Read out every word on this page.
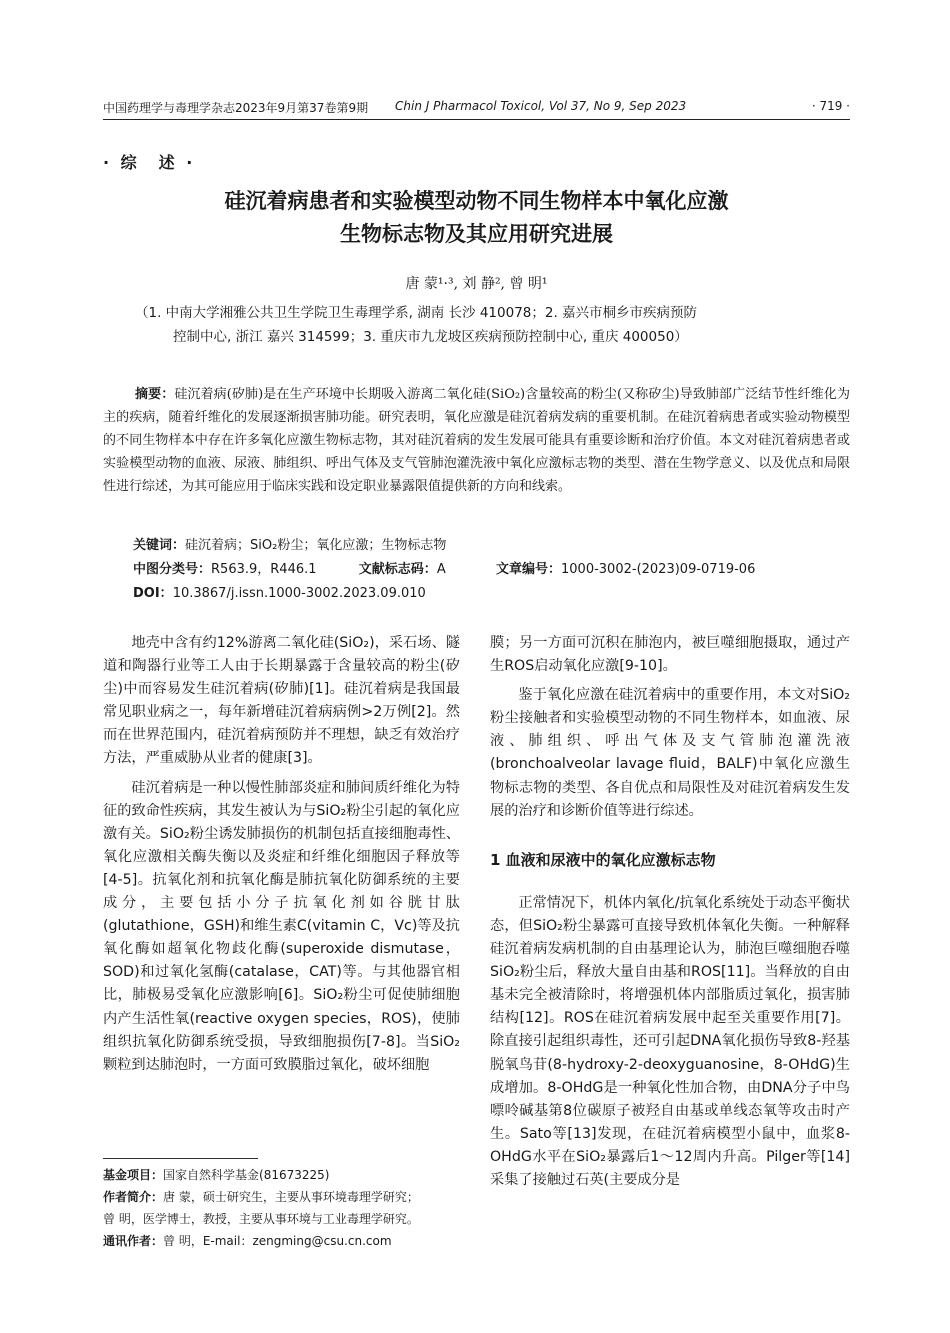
中国药理学与毒理学杂志2023年9月第37卷第9期 Chin J Pharmacol Toxicol, Vol 37, No 9, Sep 2023	· 719 ·
· 综　述 ·
硅沉着病患者和实验模型动物不同生物样本中氧化应激
生物标志物及其应用研究进展
唐 蒙¹·³, 刘 静², 曾 明¹
（1. 中南大学湘雅公共卫生学院卫生毒理学系, 湖南 长沙 410078；2. 嘉兴市桐乡市疾病预防
控制中心, 浙江 嘉兴 314599；3. 重庆市九龙坡区疾病预防控制中心, 重庆 400050）
摘要：硅沉着病(矽肺)是在生产环境中长期吸入游离二氧化硅(SiO₂)含量较高的粉尘(又称矽尘)导致肺部广泛结节性纤维化为主的疾病，随着纤维化的发展逐渐损害肺功能。研究表明，氧化应激是硅沉着病发病的重要机制。在硅沉着病患者或实验动物模型的不同生物样本中存在许多氧化应激生物标志物，其对硅沉着病的发生发展可能具有重要诊断和治疗价值。本文对硅沉着病患者或实验模型动物的血液、尿液、肺组织、呼出气体及支气管肺泡灌洗液中氧化应激标志物的类型、潜在生物学意义、以及优点和局限性进行综述，为其可能应用于临床实践和设定职业暴露限值提供新的方向和线索。
关键词：硅沉着病；SiO₂粉尘；氧化应激；生物标志物
中图分类号：R563.9，R446.1	文献标志码：A	文章编号：1000-3002-(2023)09-0719-06
DOI：10.3867/j.issn.1000-3002.2023.09.010

地壳中含有约12%游离二氧化硅(SiO₂)，采石场、隧道和陶器行业等工人由于长期暴露于含量较高的粉尘(矽尘)中而容易发生硅沉着病(矽肺)[1]。硅沉着病是我国最常见职业病之一，每年新增硅沉着病病例>2万例[2]。然而在世界范围内，硅沉着病预防并不理想，缺乏有效治疗方法，严重威胁从业者的健康[3]。

硅沉着病是一种以慢性肺部炎症和肺间质纤维化为特征的致命性疾病，其发生被认为与SiO₂粉尘引起的氧化应激有关。SiO₂粉尘诱发肺损伤的机制包括直接细胞毒性、氧化应激相关酶失衡以及炎症和纤维化细胞因子释放等[4-5]。抗氧化剂和抗氧化酶是肺抗氧化防御系统的主要成分，主要包括小分子抗氧化剂如谷胱甘肽(glutathione，GSH)和维生素C(vitamin C，Vc)等及抗氧化酶如超氧化物歧化酶(superoxide dismutase，SOD)和过氧化氢酶(catalase，CAT)等。与其他器官相比，肺极易受氧化应激影响[6]。SiO₂粉尘可促使肺细胞内产生活性氧(reactive oxygen species，ROS)，使肺组织抗氧化防御系统受损，导致细胞损伤[7-8]。当SiO₂颗粒到达肺泡时，一方面可致膜脂过氧化，破坏细胞

膜；另一方面可沉积在肺泡内，被巨噬细胞摄取，通过产生ROS启动氧化应激[9-10]。

鉴于氧化应激在硅沉着病中的重要作用，本文对SiO₂粉尘接触者和实验模型动物的不同生物样本，如血液、尿液、肺组织、呼出气体及支气管肺泡灌洗液(bronchoalveolar lavage fluid，BALF)中氧化应激生物标志物的类型、各自优点和局限性及对硅沉着病发生发展的治疗和诊断价值等进行综述。

1 血液和尿液中的氧化应激标志物

正常情况下，机体内氧化/抗氧化系统处于动态平衡状态，但SiO₂粉尘暴露可直接导致机体氧化失衡。一种解释硅沉着病发病机制的自由基理论认为，肺泡巨噬细胞吞噬SiO₂粉尘后，释放大量自由基和ROS[11]。当释放的自由基未完全被清除时，将增强机体内部脂质过氧化，损害肺结构[12]。ROS在硅沉着病发展中起至关重要作用[7]。除直接引起组织毒性，还可引起DNA氧化损伤导致8-羟基脱氧鸟苷(8-hydroxy-2-deoxyguanosine，8-OHdG)生成增加。8-OHdG是一种氧化性加合物，由DNA分子中鸟嘌呤碱基第8位碳原子被羟自由基或单线态氧等攻击时产生。Sato等[13]发现，在硅沉着病模型小鼠中，血浆8-OHdG水平在SiO₂暴露后1～12周内升高。Pilger等[14]采集了接触过石英(主要成分是

基金项目：国家自然科学基金(81673225)
作者简介：唐 蒙，硕士研究生，主要从事环境毒理学研究；
曾 明，医学博士，教授，主要从事环境与工业毒理学研究。
通讯作者：曾 明，E-mail：zengming@csu.cn.com
